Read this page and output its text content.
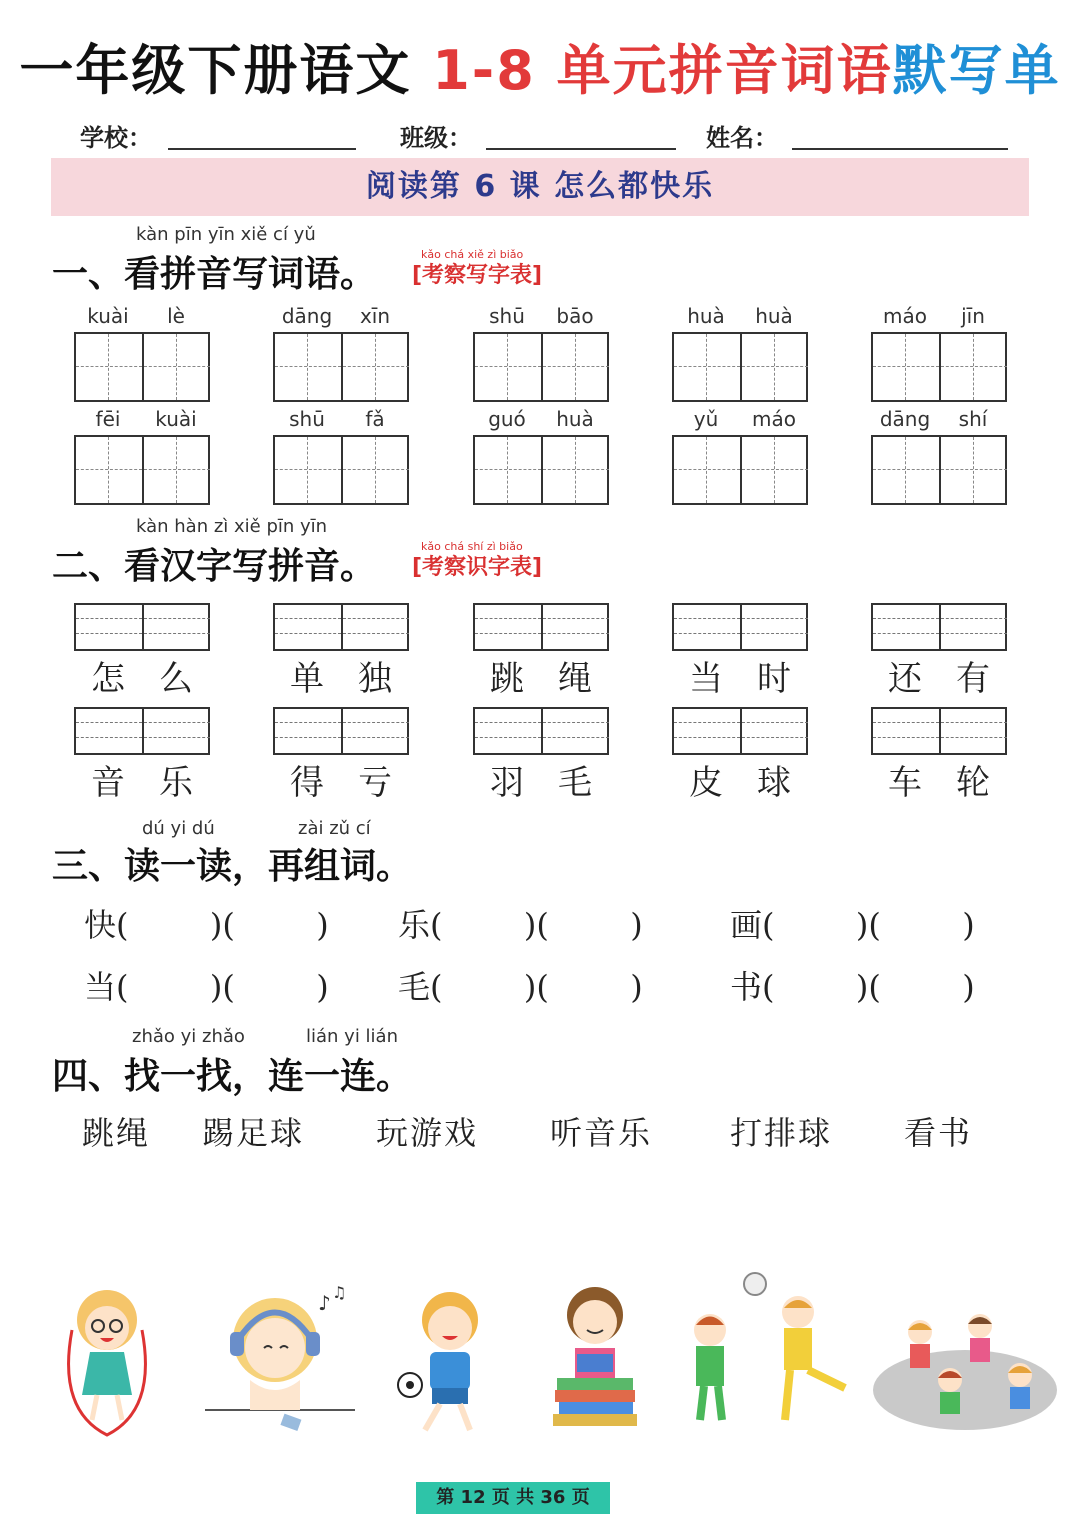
一年级下册语文 1-8 单元拼音词语默写单
学校：	班级：	姓名：
阅读第 6 课 怎么都快乐
kàn pīn yīn xiě cí yǔ
一、看拼音写词语。	kǎo chá xiě zì biǎo
[考察写字表]
kuài	lè	dāng	xīn	shū	bāo	huà	huà	máo	jīn
fēi	kuài	shū	fǎ	guó	huà	yǔ	máo	dāng	shí
kàn hàn zì xiě pīn yīn
二、看汉字写拼音。	kǎo chá shí zì biǎo
[考察识字表]
怎	么	单	独	跳	绳	当	时	还	有
音	乐	得	亏	羽	毛	皮	球	车	轮
dú yi dú	zài zǔ cí
三、读一读，再组词。
快(        )(        ) 乐(        )(        )	画(        )(        )
当(        )(        ) 毛(        )(        )	书(        )(        )
zhǎo yi zhǎo	lián yi lián
四、找一找，连一连。
跳绳 踢足球 玩游戏 听音乐 打排球 看书
♪ ♫
第 12 页 共 36 页
